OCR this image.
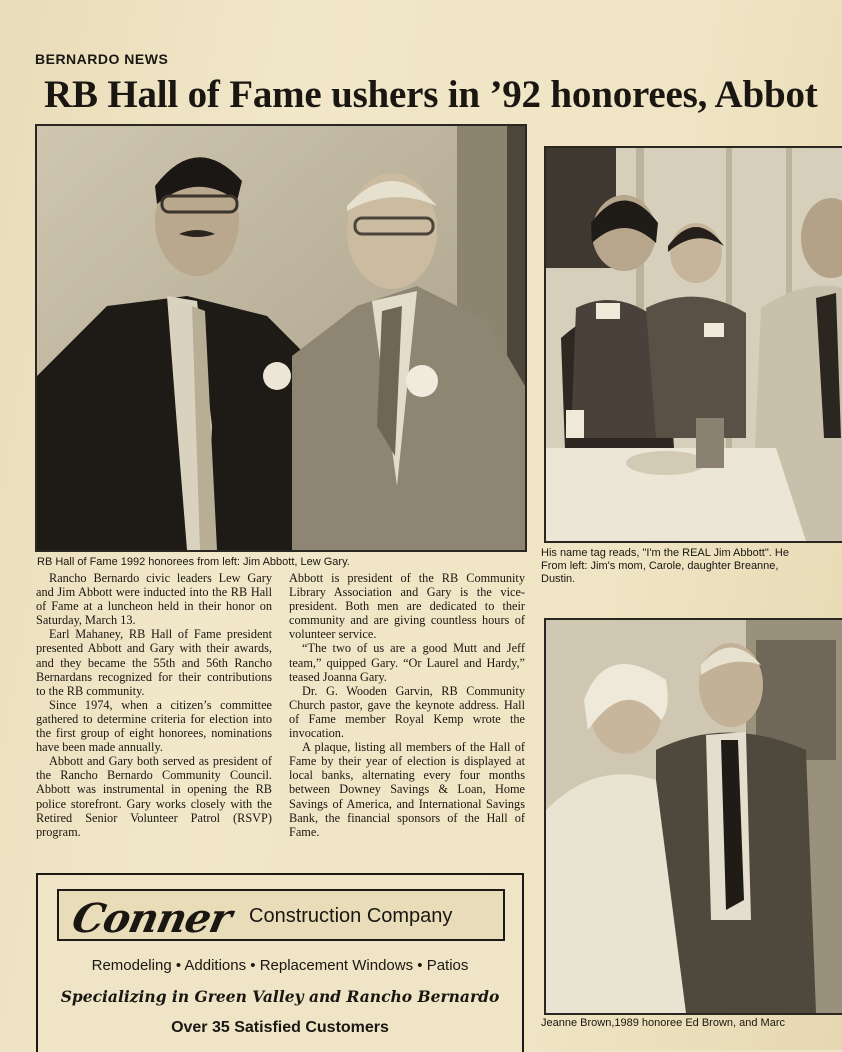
BERNARDO NEWS
RB Hall of Fame ushers in ’92 honorees, Abbot
RB Hall of Fame 1992 honorees from left: Jim Abbott, Lew Gary.
His name tag reads, "I'm the REAL Jim Abbott". He
From left: Jim's mom, Carole, daughter Breanne,
Dustin.
Jeanne Brown,1989 honoree Ed Brown, and Marc

Rancho Bernardo civic leaders Lew Gary and Jim Abbott were inducted into the RB Hall of Fame at a luncheon held in their honor on Saturday, March 13.

Earl Mahaney, RB Hall of Fame president presented Abbott and Gary with their awards, and they became the 55th and 56th Rancho Bernardans recognized for their contributions to the RB community.

Since 1974, when a citizen’s committee gathered to determine criteria for election into the first group of eight honorees, nominations have been made annually.

Abbott and Gary both served as president of the Rancho Bernardo Community Council. Abbott was instrumental in opening the RB police storefront. Gary works closely with the Retired Senior Volunteer Patrol (RSVP) program.

Abbott is president of the RB Community Library Association and Gary is the vice-president. Both men are dedicated to their community and are giving countless hours of volunteer service.

“The two of us are a good Mutt and Jeff team,” quipped Gary. “Or Laurel and Hardy,” teased Joanna Gary.

Dr. G. Wooden Garvin, RB Community Church pastor, gave the keynote address. Hall of Fame member Royal Kemp wrote the invocation.

A plaque, listing all members of the Hall of Fame by their year of election is displayed at local banks, alternating every four months between Downey Savings & Loan, Home Savings of America, and International Savings Bank, the financial sponsors of the Hall of Fame.

Conner Construction Company
Remodeling • Additions • Replacement Windows • Patios
Specializing in Green Valley and Rancho Bernardo
Over 35 Satisfied Customers
